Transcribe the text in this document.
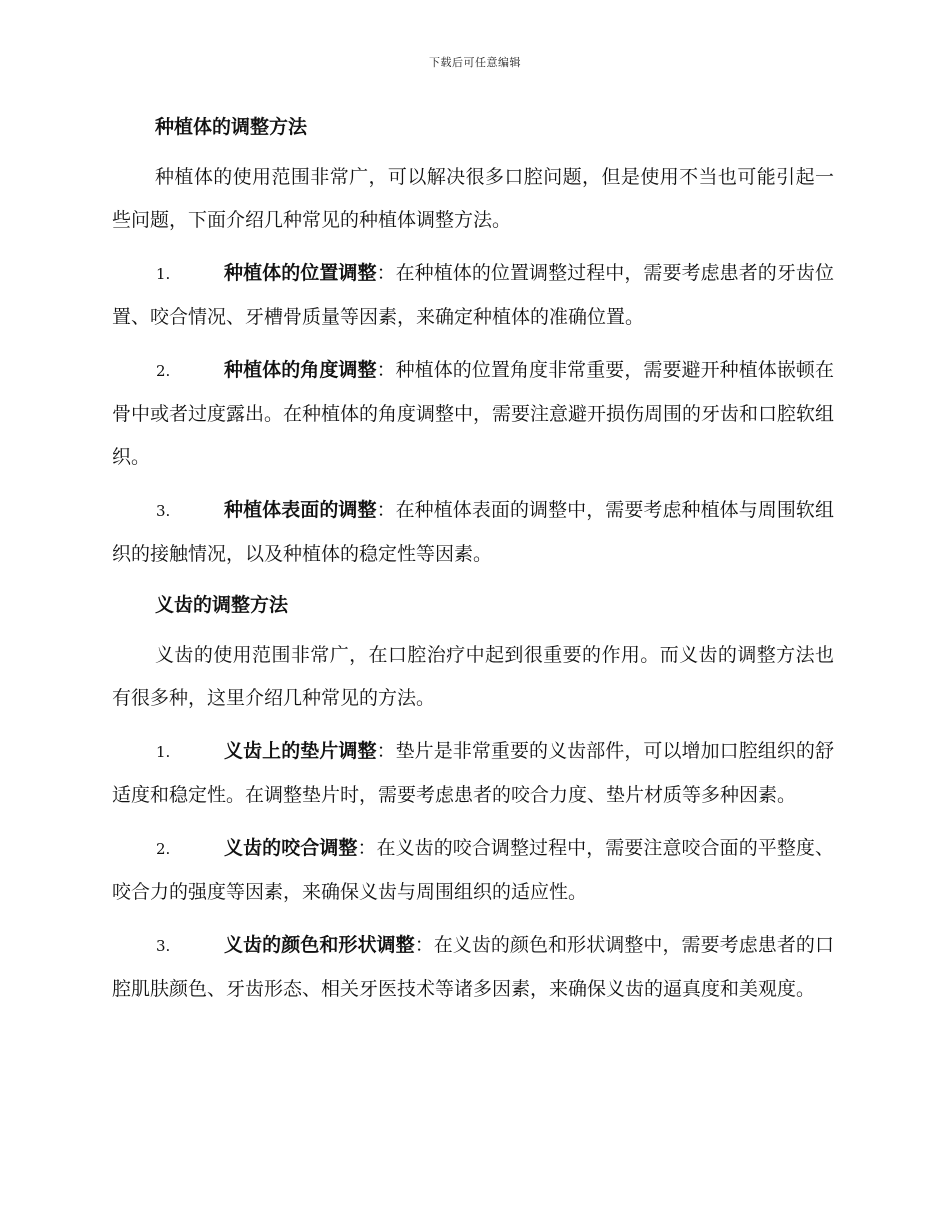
下载后可任意编辑
种植体的调整方法

种植体的使用范围非常广，可以解决很多口腔问题，但是使用不当也可能引起一些问题，下面介绍几种常见的种植体调整方法。

1.	种植体的位置调整：在种植体的位置调整过程中，需要考虑患者的牙齿位置、咬合情况、牙槽骨质量等因素，来确定种植体的准确位置。

2.	种植体的角度调整：种植体的位置角度非常重要，需要避开种植体嵌顿在骨中或者过度露出。在种植体的角度调整中，需要注意避开损伤周围的牙齿和口腔软组织。

3.	种植体表面的调整：在种植体表面的调整中，需要考虑种植体与周围软组织的接触情况，以及种植体的稳定性等因素。

义齿的调整方法

义齿的使用范围非常广，在口腔治疗中起到很重要的作用。而义齿的调整方法也有很多种，这里介绍几种常见的方法。

1.	义齿上的垫片调整：垫片是非常重要的义齿部件，可以增加口腔组织的舒适度和稳定性。在调整垫片时，需要考虑患者的咬合力度、垫片材质等多种因素。

2.	义齿的咬合调整：在义齿的咬合调整过程中，需要注意咬合面的平整度、咬合力的强度等因素，来确保义齿与周围组织的适应性。

3.	义齿的颜色和形状调整：在义齿的颜色和形状调整中，需要考虑患者的口腔肌肤颜色、牙齿形态、相关牙医技术等诸多因素，来确保义齿的逼真度和美观度。
